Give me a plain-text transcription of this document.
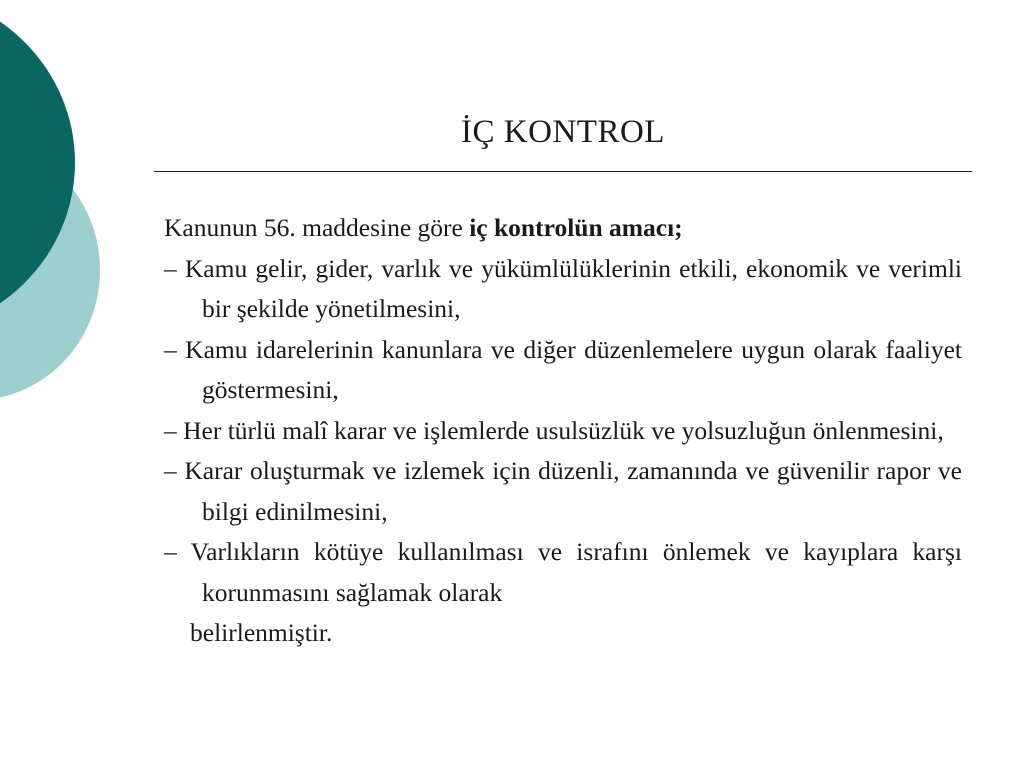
İÇ KONTROL

Kanunun 56. maddesine göre iç kontrolün amacı;

– Kamu gelir, gider, varlık ve yükümlülüklerinin etkili, ekonomik ve verimli bir şekilde yönetilmesini,

– Kamu idarelerinin kanunlara ve diğer düzenlemelere uygun olarak faaliyet göstermesini,

– Her türlü malî karar ve işlemlerde usulsüzlük ve yolsuzluğun önlenmesini,

– Karar oluşturmak ve izlemek için düzenli, zamanında ve güvenilir rapor ve bilgi edinilmesini,

– Varlıkların kötüye kullanılması ve israfını önlemek ve kayıplara karşı korunmasını sağlamak olarak

belirlenmiştir.
